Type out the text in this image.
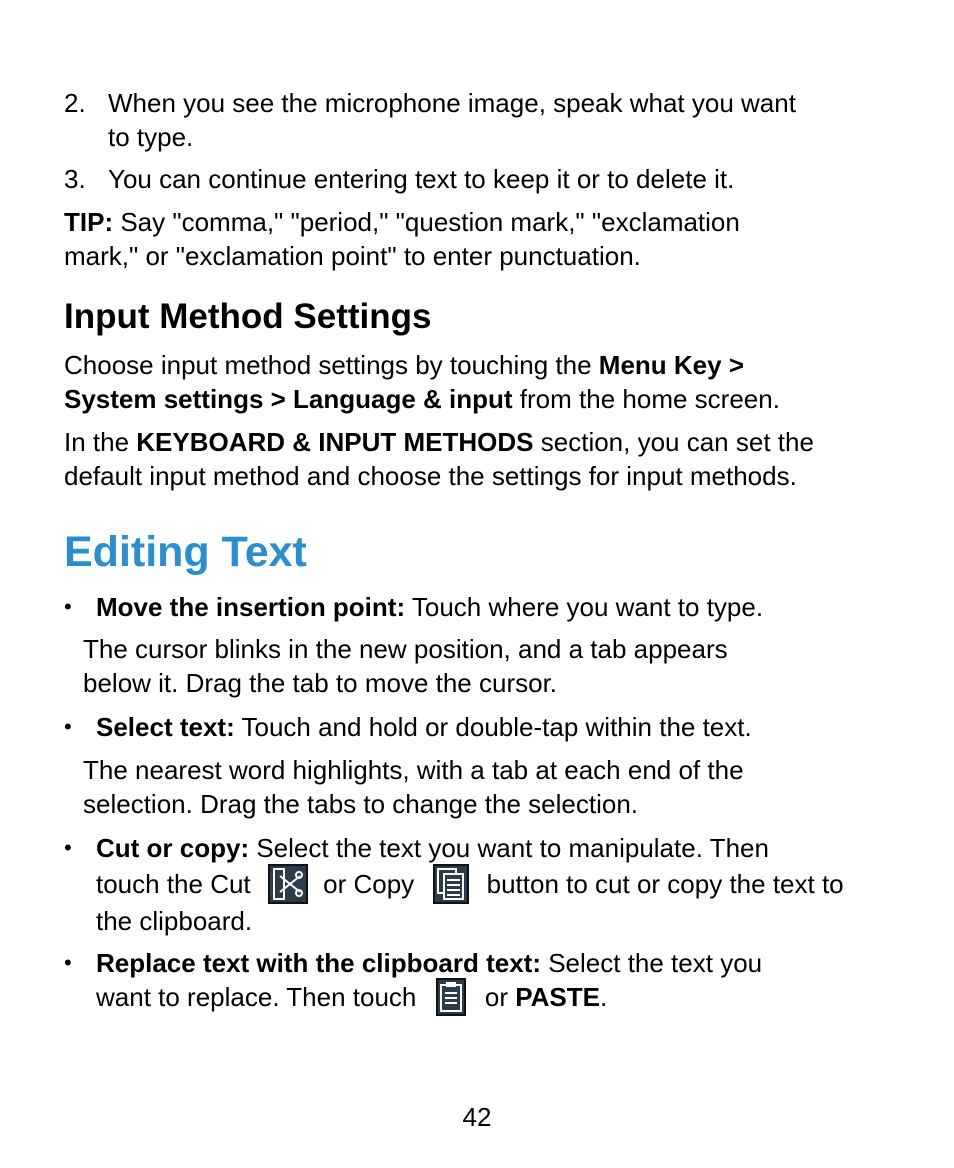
2. When you see the microphone image, speak what you want
to type.

3. You can continue entering text to keep it or to delete it.

TIP: Say "comma," "period," "question mark," "exclamation
mark," or "exclamation point" to enter punctuation.

Input Method Settings

Choose input method settings by touching the Menu Key >
System settings > Language & input from the home screen.

In the KEYBOARD & INPUT METHODS section, you can set the
default input method and choose the settings for input methods.

Editing Text
• Move the insertion point: Touch where you want to type.

The cursor blinks in the new position, and a tab appears
below it. Drag the tab to move the cursor.

• Select text: Touch and hold or double-tap within the text.

The nearest word highlights, with a tab at each end of the
selection. Drag the tabs to change the selection.

• Cut or copy: Select the text you want to manipulate. Then

touch the Cut	or Copy	button to cut or copy the text to

the clipboard.

• Replace text with the clipboard text: Select the text you

want to replace. Then touch	or PASTE.
42
